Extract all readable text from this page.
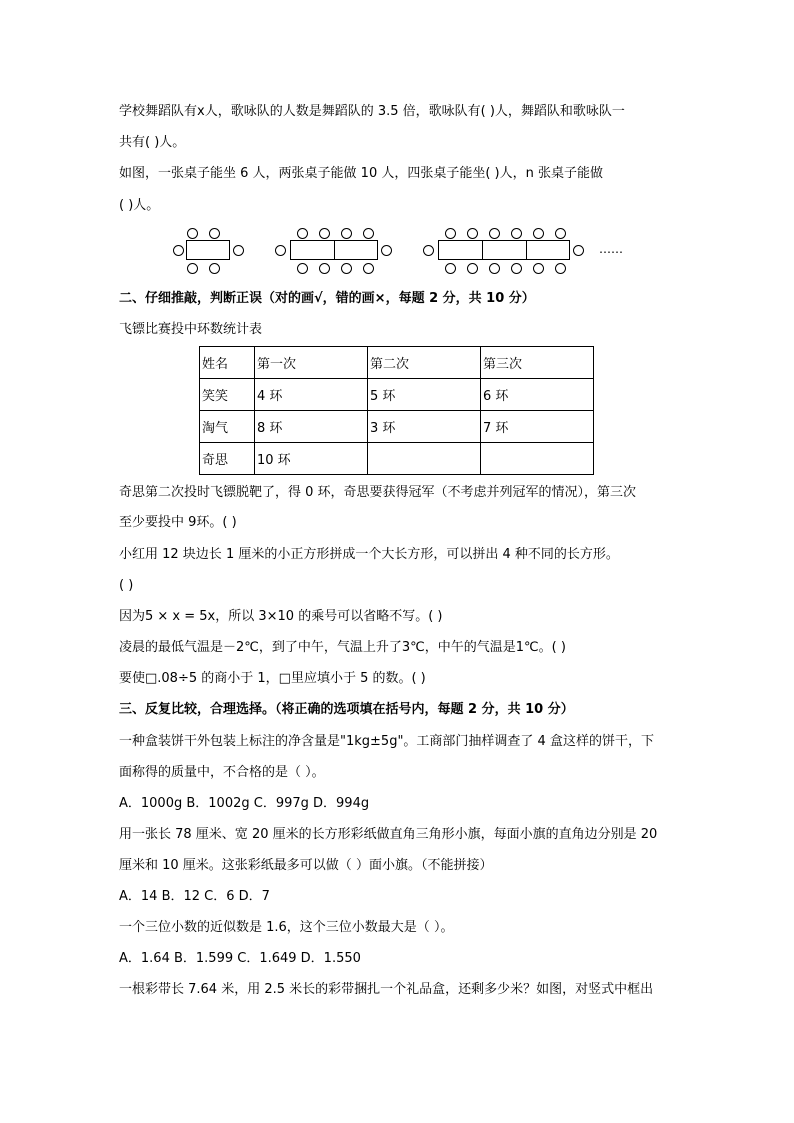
学校舞蹈队有x人，歌咏队的人数是舞蹈队的 3.5 倍，歌咏队有( )人，舞蹈队和歌咏队一
共有( )人。
如图，一张桌子能坐 6 人，两张桌子能做 10 人，四张桌子能坐( )人，n 张桌子能做
( )人。
……
二、仔细推敲，判断正误（对的画√，错的画×，每题 2 分，共 10 分）
飞镖比赛投中环数统计表
姓名	第一次	第二次	第三次
笑笑	4 环	5 环	6 环
淘气	8 环	3 环	7 环
奇思	10 环		
奇思第二次投时飞镖脱靶了，得 0 环，奇思要获得冠军（不考虑并列冠军的情况），第三次
至少要投中 9环。( )
小红用 12 块边长 1 厘米的小正方形拼成一个大长方形，可以拼出 4 种不同的长方形。
( )
因为5 × x = 5x，所以 3×10 的乘号可以省略不写。( )
凌晨的最低气温是－2℃，到了中午，气温上升了3℃，中午的气温是1℃。( )
要使□.08÷5 的商小于 1，□里应填小于 5 的数。( )
三、反复比较，合理选择。（将正确的选项填在括号内，每题 2 分，共 10 分）
一种盒装饼干外包装上标注的净含量是"1kg±5g"。工商部门抽样调查了 4 盒这样的饼干，下
面称得的质量中，不合格的是（ ）。
A．1000g B．1002g C．997g D．994g
用一张长 78 厘米、宽 20 厘米的长方形彩纸做直角三角形小旗，每面小旗的直角边分别是 20
厘米和 10 厘米。这张彩纸最多可以做（ ）面小旗。（不能拼接）
A．14 B．12 C．6 D．7
一个三位小数的近似数是 1.6，这个三位小数最大是（ ）。
A．1.64 B．1.599 C．1.649 D．1.550
一根彩带长 7.64 米，用 2.5 米长的彩带捆扎一个礼品盒，还剩多少米？如图，对竖式中框出
